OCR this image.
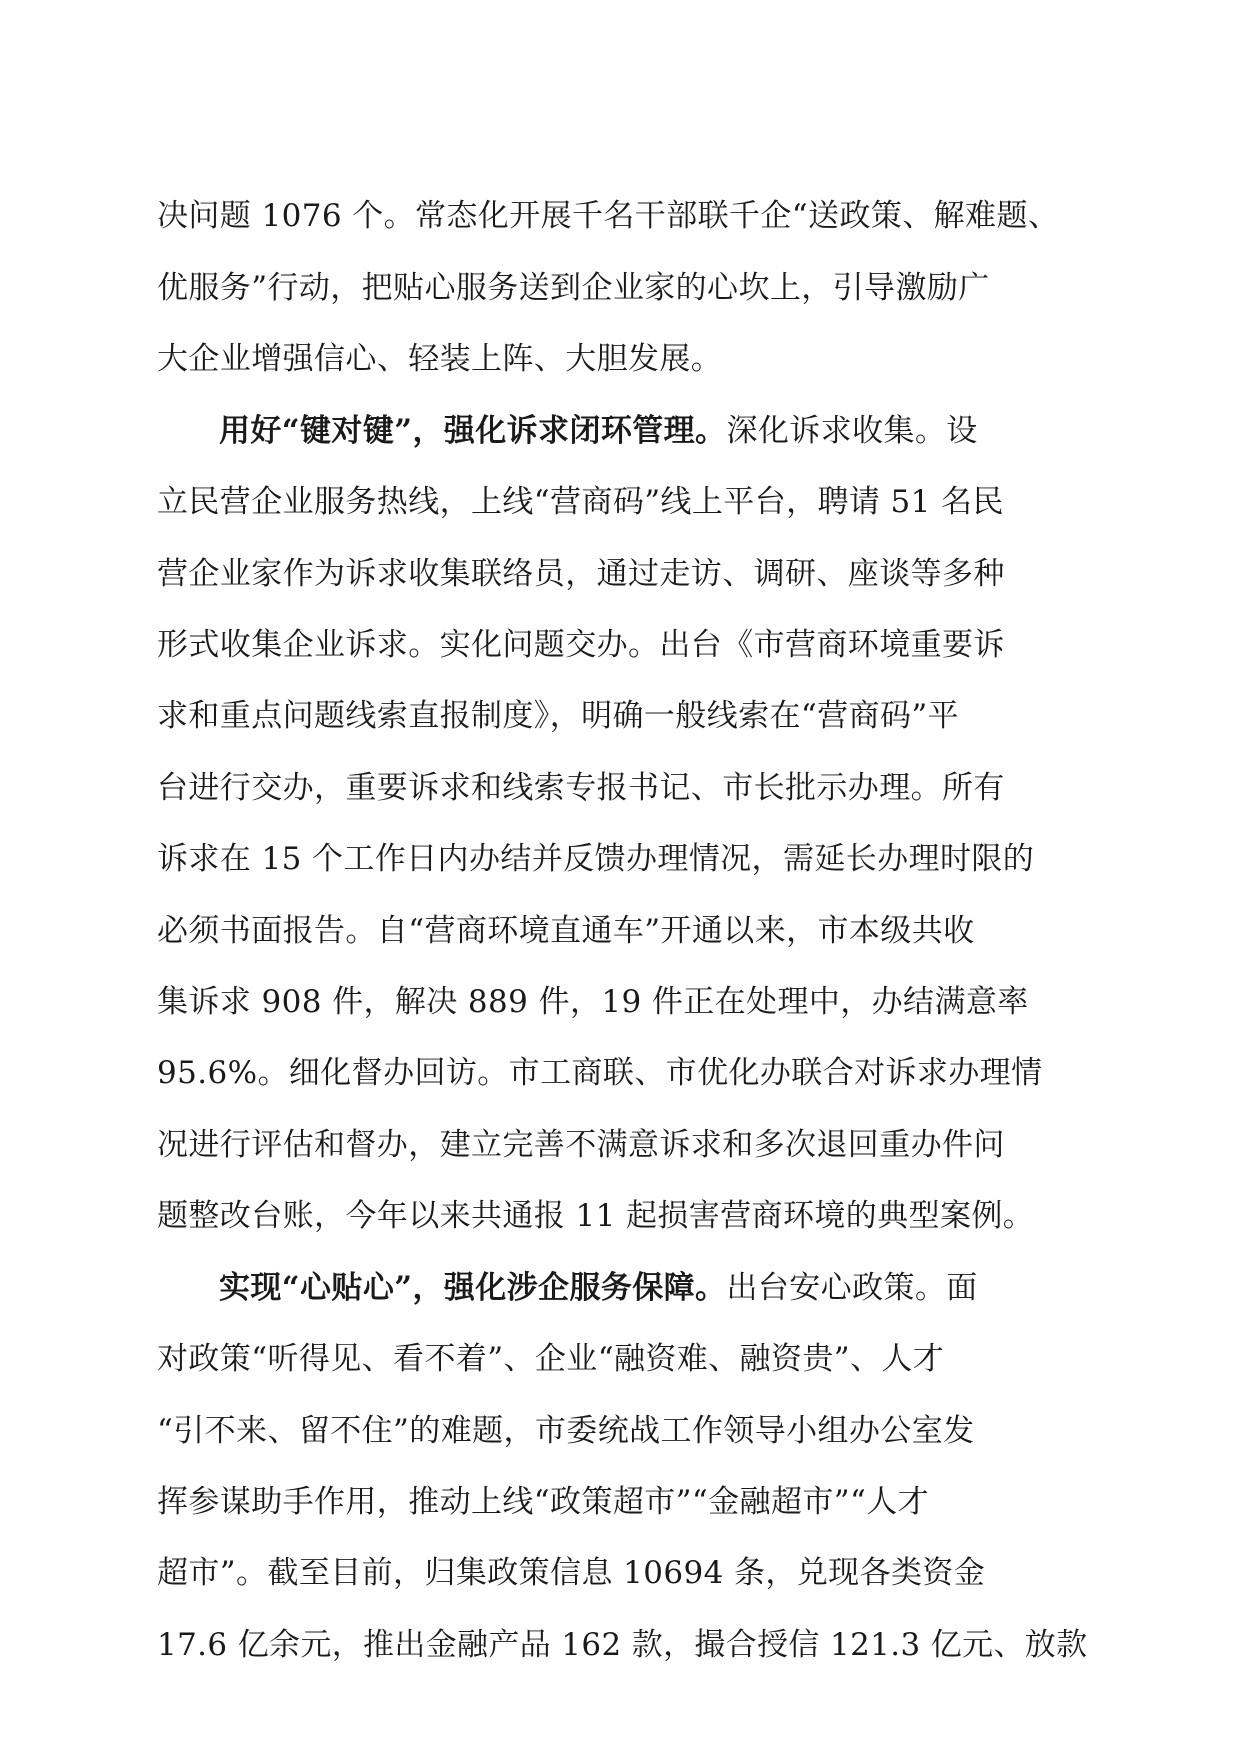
决问题 1076 个。常态化开展千名干部联千企“送政策、解难题、
优服务”行动，把贴心服务送到企业家的心坎上，引导激励广
大企业增强信心、轻装上阵、大胆发展。
用好“键对键”，强化诉求闭环管理。深化诉求收集。设
立民营企业服务热线，上线“营商码”线上平台，聘请 51 名民
营企业家作为诉求收集联络员，通过走访、调研、座谈等多种
形式收集企业诉求。实化问题交办。出台《市营商环境重要诉
求和重点问题线索直报制度》，明确一般线索在“营商码”平
台进行交办，重要诉求和线索专报书记、市长批示办理。所有
诉求在 15 个工作日内办结并反馈办理情况，需延长办理时限的
必须书面报告。自“营商环境直通车”开通以来，市本级共收
集诉求 908 件，解决 889 件，19 件正在处理中，办结满意率
95.6%。细化督办回访。市工商联、市优化办联合对诉求办理情
况进行评估和督办，建立完善不满意诉求和多次退回重办件问
题整改台账，今年以来共通报 11 起损害营商环境的典型案例。
实现“心贴心”，强化涉企服务保障。出台安心政策。面
对政策“听得见、看不着”、企业“融资难、融资贵”、人才
“引不来、留不住”的难题，市委统战工作领导小组办公室发
挥参谋助手作用，推动上线“政策超市”“金融超市”“人才
超市”。截至目前，归集政策信息 10694 条，兑现各类资金
17.6 亿余元，推出金融产品 162 款，撮合授信 121.3 亿元、放款
